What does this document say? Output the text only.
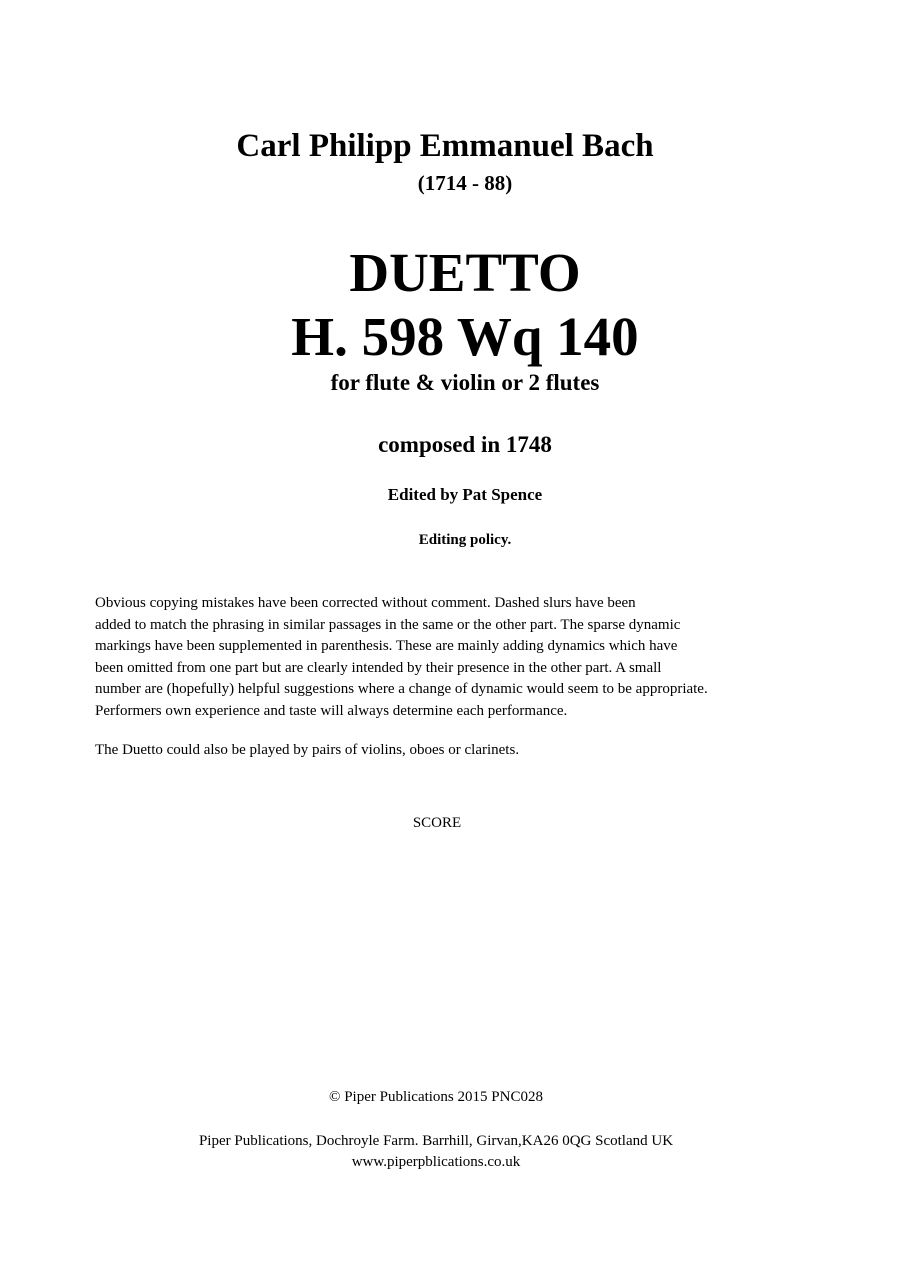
Carl Philipp Emmanuel Bach
(1714 - 88)
DUETTO
H. 598 Wq 140
for flute & violin or 2 flutes
composed in 1748
Edited by Pat Spence
Editing policy.
Obvious copying mistakes have been corrected without comment. Dashed slurs have been
added to match the phrasing in similar passages in the same or the other part. The sparse dynamic
markings have been supplemented in parenthesis. These are mainly adding dynamics which have
been omitted from one part but are clearly intended by their presence in the other part. A small
number are (hopefully) helpful suggestions where a change of dynamic would seem to be appropriate.
Performers own experience and taste will always determine each performance.
The Duetto could also be played by pairs of violins, oboes or clarinets.
SCORE
© Piper Publications 2015 PNC028
Piper Publications, Dochroyle Farm. Barrhill, Girvan,KA26 0QG Scotland UK
www.piperpblications.co.uk
